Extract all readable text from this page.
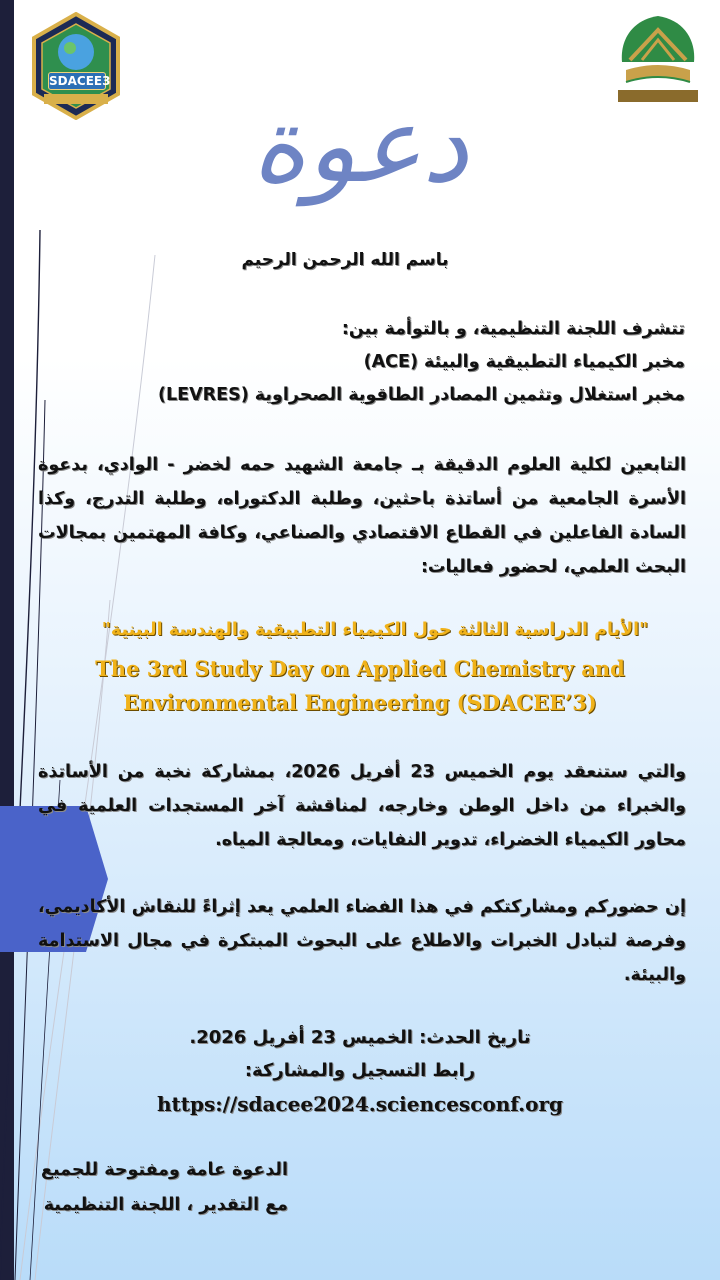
SDACEE3
دعوة
باسم الله الرحمن الرحيم
تتشرف اللجنة التنظيمية، و بالتوأمة بين:
مخبر الكيمياء التطبيقية والبيئة (ACE)
مخبر استغلال وتثمين المصادر الطاقوية الصحراوية (LEVRES)
التابعين لكلية العلوم الدقيقة بـ جامعة الشهيد حمه لخضر - الوادي، بدعوة الأسرة الجامعية من أساتذة باحثين، وطلبة الدكتوراه، وطلبة التدرج، وكذا السادة الفاعلين في القطاع الاقتصادي والصناعي، وكافة المهتمين بمجالات البحث العلمي، لحضور فعاليات:
"الأيام الدراسية الثالثة حول الكيمياء التطبيقية والهندسة البينية"
The 3rd Study Day on Applied Chemistry and Environmental Engineering (SDACEE’3)
والتي ستنعقد يوم الخميس 23 أفريل 2026، بمشاركة نخبة من الأساتذة والخبراء من داخل الوطن وخارجه، لمناقشة آخر المستجدات العلمية في محاور الكيمياء الخضراء، تدوير النفايات، ومعالجة المياه.
إن حضوركم ومشاركتكم في هذا الفضاء العلمي يعد إثراءً للنقاش الأكاديمي، وفرصة لتبادل الخبرات والاطلاع على البحوث المبتكرة في مجال الاستدامة والبيئة.
تاريخ الحدث: الخميس 23 أفريل 2026.
رابط التسجيل والمشاركة:
https://sdacee2024.sciencesconf.org
الدعوة عامة ومفتوحة للجميع
مع التقدير ، اللجنة التنظيمية
